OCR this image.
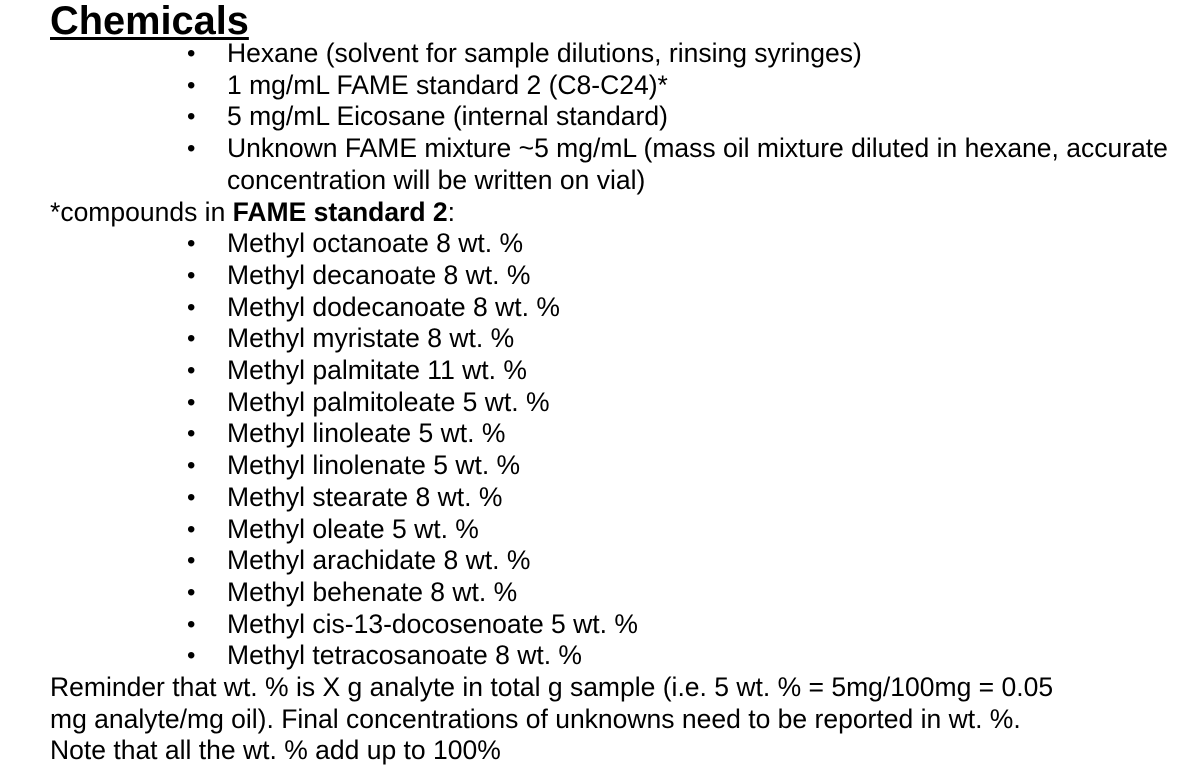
Chemicals
• Hexane (solvent for sample dilutions, rinsing syringes)
• 1 mg/mL FAME standard 2 (C8-C24)*
• 5 mg/mL Eicosane (internal standard)
• Unknown FAME mixture ~5 mg/mL (mass oil mixture diluted in hexane, accurate concentration will be written on vial)

*compounds in FAME standard 2:

• Methyl octanoate 8 wt. %
• Methyl decanoate 8 wt. %
• Methyl dodecanoate 8 wt. %
• Methyl myristate 8 wt. %
• Methyl palmitate 11 wt. %
• Methyl palmitoleate 5 wt. %
• Methyl linoleate 5 wt. %
• Methyl linolenate 5 wt. %
• Methyl stearate 8 wt. %
• Methyl oleate 5 wt. %
• Methyl arachidate 8 wt. %
• Methyl behenate 8 wt. %
• Methyl cis-13-docosenoate 5 wt. %
• Methyl tetracosanoate 8 wt. %

Reminder that wt. % is X g analyte in total g sample (i.e. 5 wt. % = 5mg/100mg = 0.05
mg analyte/mg oil). Final concentrations of unknowns need to be reported in wt. %.
Note that all the wt. % add up to 100%
